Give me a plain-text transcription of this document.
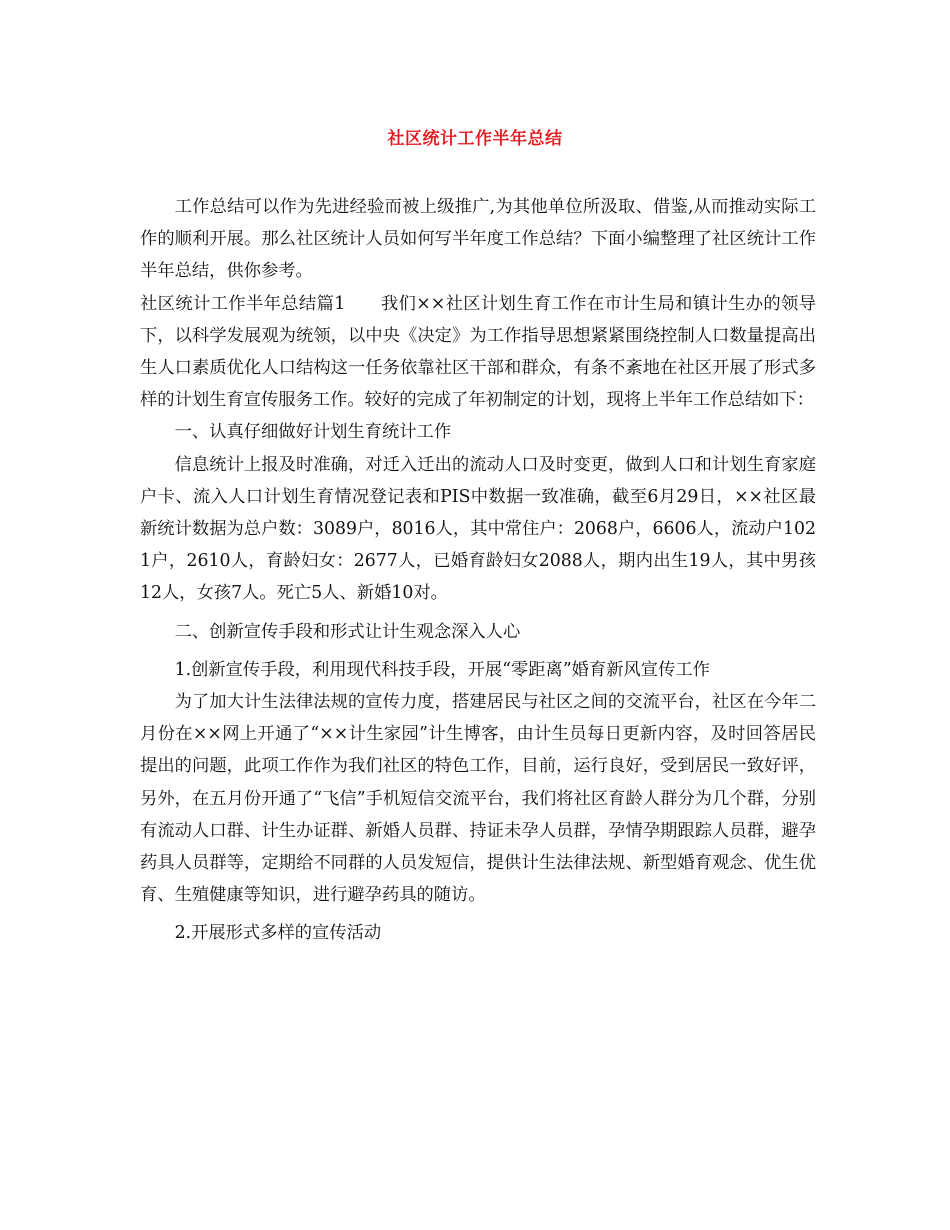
社区统计工作半年总结

工作总结可以作为先进经验而被上级推广,为其他单位所汲取、借鉴,从而推动实际工作的顺利开展。那么社区统计人员如何写半年度工作总结？下面小编整理了社区统计工作半年总结，供你参考。

社区统计工作半年总结篇1　　我们××社区计划生育工作在市计生局和镇计生办的领导下，以科学发展观为统领，以中央《决定》为工作指导思想紧紧围绕控制人口数量提高出生人口素质优化人口结构这一任务依靠社区干部和群众，有条不紊地在社区开展了形式多样的计划生育宣传服务工作。较好的完成了年初制定的计划，现将上半年工作总结如下：

一、认真仔细做好计划生育统计工作

信息统计上报及时准确，对迁入迁出的流动人口及时变更，做到人口和计划生育家庭户卡、流入人口计划生育情况登记表和PIS中数据一致准确，截至6月29日，××社区最新统计数据为总户数：3089户，8016人，其中常住户：2068户，6606人，流动户1021户，2610人，育龄妇女：2677人，已婚育龄妇女2088人，期内出生19人，其中男孩12人，女孩7人。死亡5人、新婚10对。

二、创新宣传手段和形式让计生观念深入人心

1.创新宣传手段，利用现代科技手段，开展“零距离”婚育新风宣传工作

为了加大计生法律法规的宣传力度，搭建居民与社区之间的交流平台，社区在今年二月份在××网上开通了“××计生家园”计生博客，由计生员每日更新内容，及时回答居民提出的问题，此项工作作为我们社区的特色工作，目前，运行良好，受到居民一致好评，另外，在五月份开通了“飞信”手机短信交流平台，我们将社区育龄人群分为几个群，分别有流动人口群、计生办证群、新婚人员群、持证未孕人员群，孕情孕期跟踪人员群，避孕药具人员群等，定期给不同群的人员发短信，提供计生法律法规、新型婚育观念、优生优育、生殖健康等知识，进行避孕药具的随访。

2.开展形式多样的宣传活动
